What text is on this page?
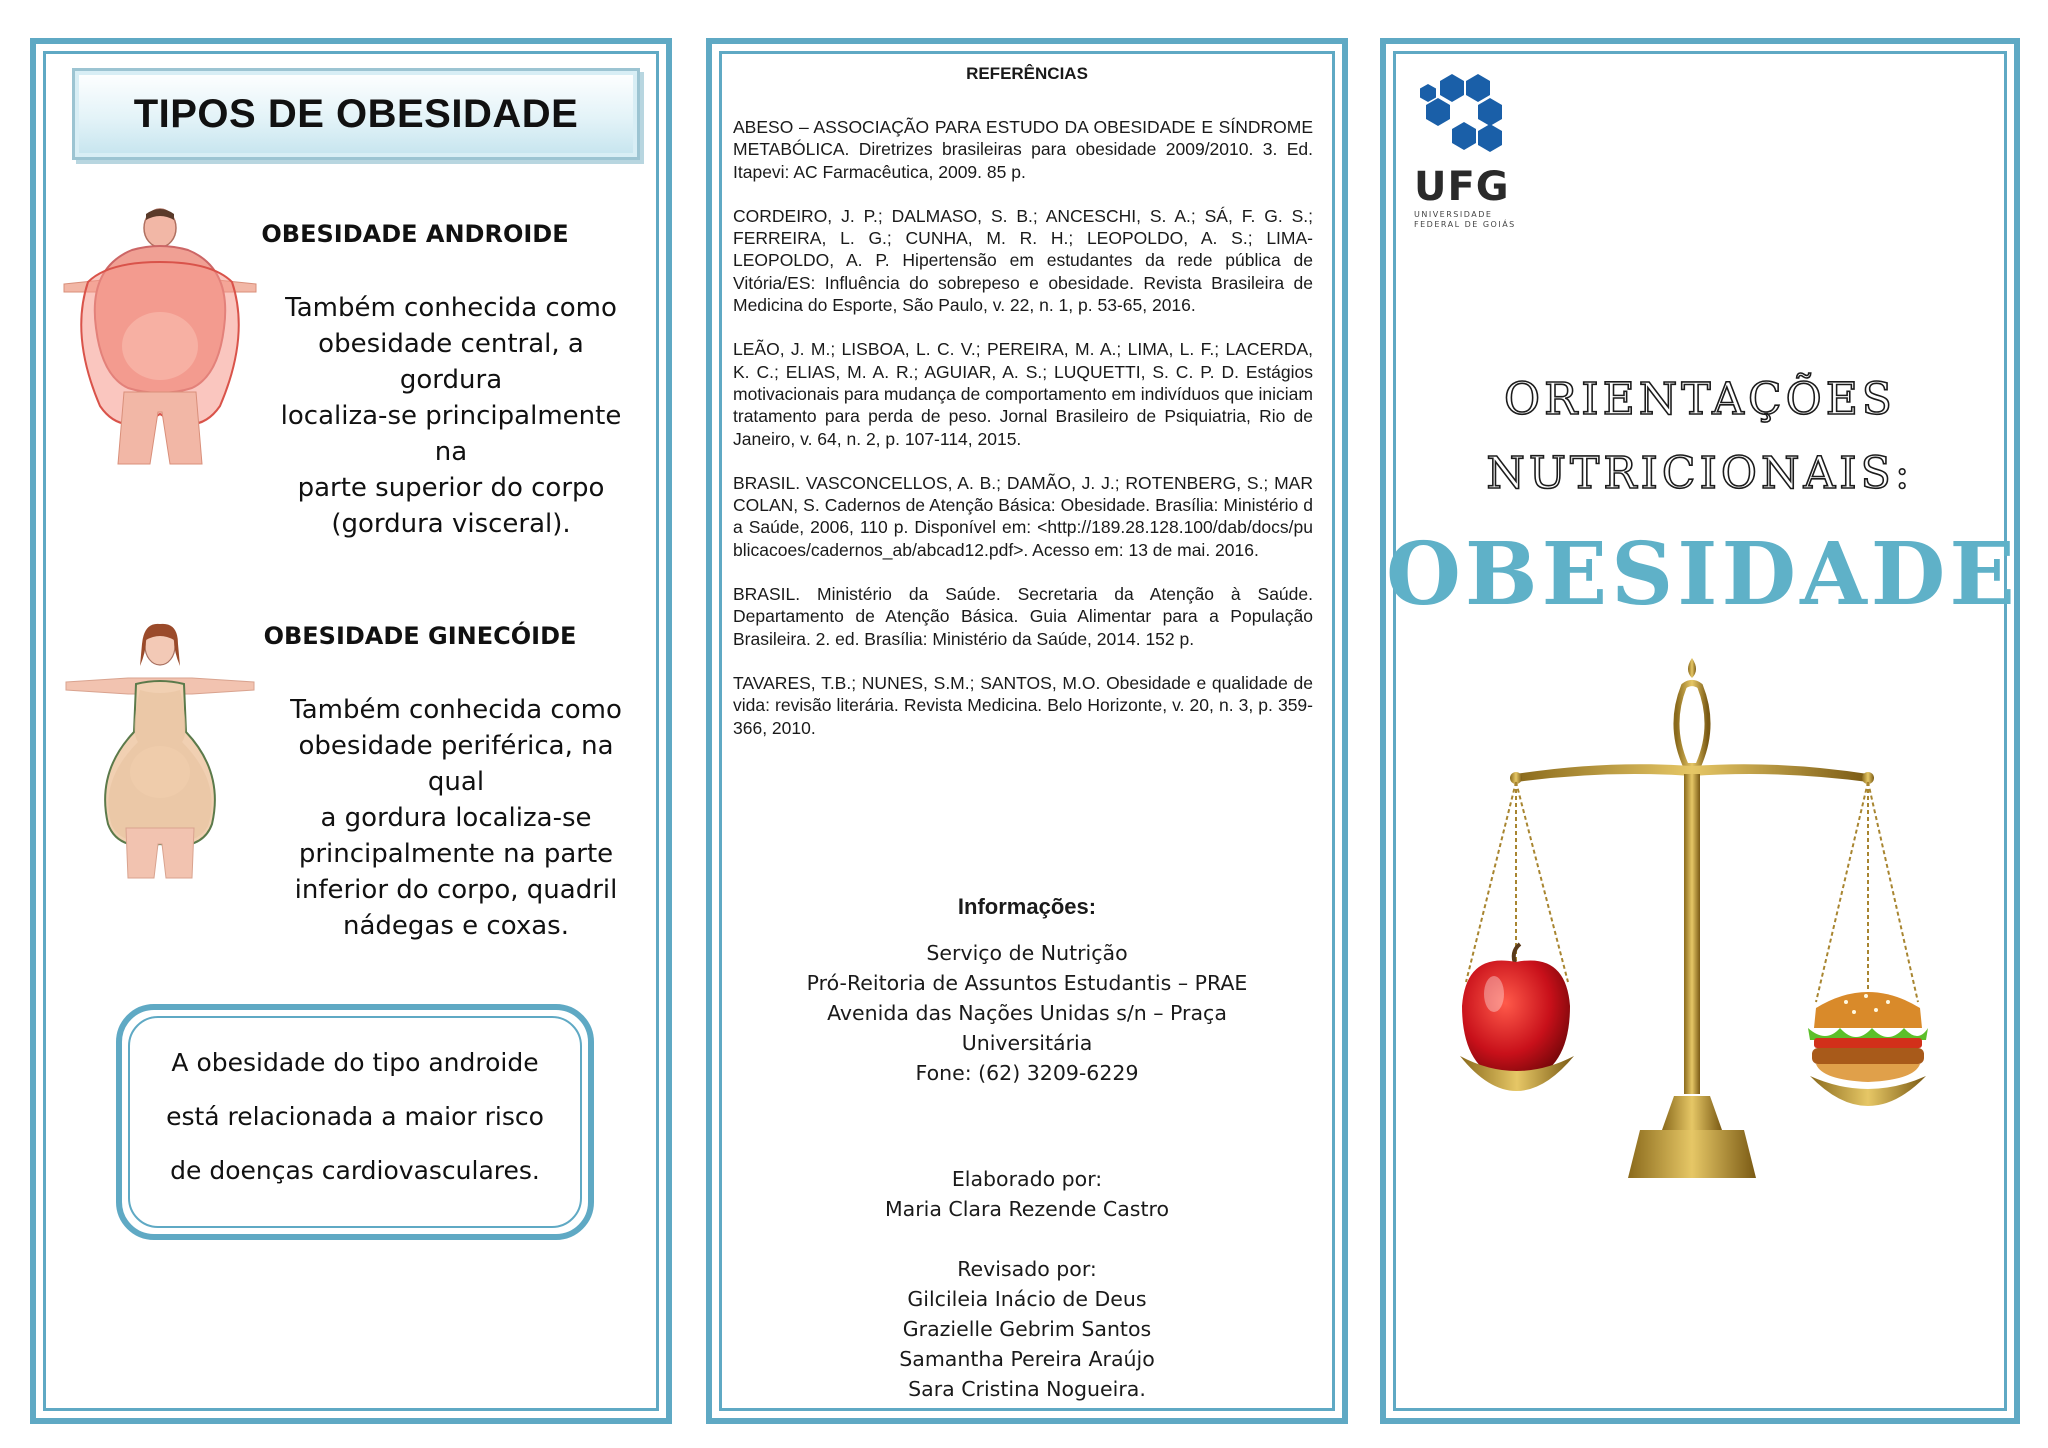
TIPOS DE OBESIDADE
OBESIDADE ANDROIDE
Também conhecida como
obesidade central, a gordura
localiza-se principalmente na
parte superior do corpo
(gordura visceral).
OBESIDADE GINECÓIDE
Também conhecida como
obesidade periférica, na qual
a gordura localiza-se
principalmente na parte
inferior do corpo, quadril
nádegas e coxas.
A obesidade do tipo androide
está relacionada a maior risco
de doenças cardiovasculares.
REFERÊNCIAS

ABESO – ASSOCIAÇÃO PARA ESTUDO DA OBESIDADE E SÍNDROME METABÓLICA. Diretrizes brasileiras para obesidade 2009/2010. 3. Ed. Itapevi: AC Farmacêutica, 2009. 85 p.

CORDEIRO, J. P.; DALMASO, S. B.; ANCESCHI, S. A.; SÁ, F. G. S.; FERREIRA, L. G.; CUNHA, M. R. H.; LEOPOLDO, A. S.; LIMA-LEOPOLDO, A. P. Hipertensão em estudantes da rede pública de Vitória/ES: Influência do sobrepeso e obesidade. Revista Brasileira de Medicina do Esporte, São Paulo, v. 22, n. 1, p. 53-65, 2016.

LEÃO, J. M.; LISBOA, L. C. V.; PEREIRA, M. A.; LIMA, L. F.; LACERDA, K. C.; ELIAS, M. A. R.; AGUIAR, A. S.; LUQUETTI, S. C. P. D. Estágios motivacionais para mudança de comportamento em indivíduos que iniciam tratamento para perda de peso. Jornal Brasileiro de Psiquiatria, Rio de Janeiro, v. 64, n. 2, p. 107-114, 2015.

BRASIL. VASCONCELLOS, A. B.; DAMÃO, J. J.; ROTENBERG, S.; MARCOLAN, S. Cadernos de Atenção Básica: Obesidade. Brasília: Ministério da Saúde, 2006, 110 p. Disponível em: <http://189.28.128.100/dab/docs/publicacoes/cadernos_ab/abcad12.pdf>. Acesso em: 13 de mai. 2016.

BRASIL. Ministério da Saúde. Secretaria da Atenção à Saúde. Departamento de Atenção Básica. Guia Alimentar para a População Brasileira. 2. ed. Brasília: Ministério da Saúde, 2014. 152 p.

TAVARES, T.B.; NUNES, S.M.; SANTOS, M.O. Obesidade e qualidade de vida: revisão literária. Revista Medicina. Belo Horizonte, v. 20, n. 3, p. 359-366, 2010.

Informações:
Serviço de Nutrição
Pró-Reitoria de Assuntos Estudantis – PRAE
Avenida das Nações Unidas s/n – Praça
Universitária
Fone: (62) 3209-6229
Elaborado por:
Maria Clara Rezende Castro
Revisado por:
Gilcileia Inácio de Deus
Grazielle Gebrim Santos
Samantha Pereira Araújo
Sara Cristina Nogueira.
UFG
UNIVERSIDADE
FEDERAL DE GOIÁS
ORIENTAÇÕES
NUTRICIONAIS:
OBESIDADE
